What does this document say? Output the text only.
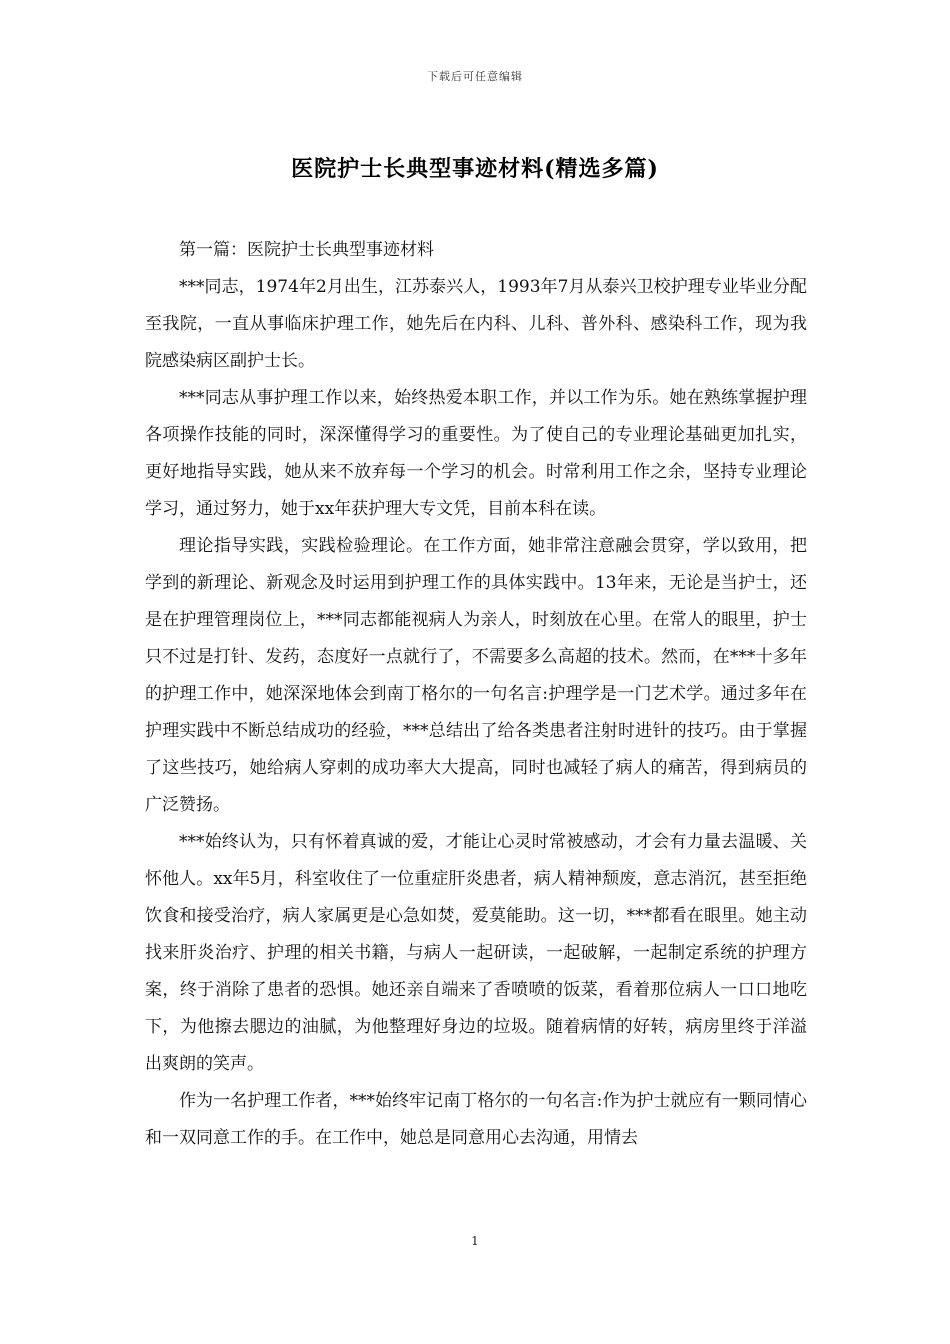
下载后可任意编辑
医院护士长典型事迹材料(精选多篇)

第一篇：医院护士长典型事迹材料

***同志，1974年2月出生，江苏泰兴人，1993年7月从泰兴卫校护理专业毕业分配至我院，一直从事临床护理工作，她先后在内科、儿科、普外科、感染科工作，现为我院感染病区副护士长。

***同志从事护理工作以来，始终热爱本职工作，并以工作为乐。她在熟练掌握护理各项操作技能的同时，深深懂得学习的重要性。为了使自己的专业理论基础更加扎实，更好地指导实践，她从来不放弃每一个学习的机会。时常利用工作之余，坚持专业理论学习，通过努力，她于xx年获护理大专文凭，目前本科在读。

理论指导实践，实践检验理论。在工作方面，她非常注意融会贯穿，学以致用，把学到的新理论、新观念及时运用到护理工作的具体实践中。13年来，无论是当护士，还是在护理管理岗位上，***同志都能视病人为亲人，时刻放在心里。在常人的眼里，护士只不过是打针、发药，态度好一点就行了，不需要多么高超的技术。然而，在***十多年的护理工作中，她深深地体会到南丁格尔的一句名言:护理学是一门艺术学。通过多年在护理实践中不断总结成功的经验，***总结出了给各类患者注射时进针的技巧。由于掌握了这些技巧，她给病人穿刺的成功率大大提高，同时也减轻了病人的痛苦，得到病员的广泛赞扬。

***始终认为，只有怀着真诚的爱，才能让心灵时常被感动，才会有力量去温暖、关怀他人。xx年5月，科室收住了一位重症肝炎患者，病人精神颓废，意志消沉，甚至拒绝饮食和接受治疗，病人家属更是心急如焚，爱莫能助。这一切，***都看在眼里。她主动找来肝炎治疗、护理的相关书籍，与病人一起研读，一起破解，一起制定系统的护理方案，终于消除了患者的恐惧。她还亲自端来了香喷喷的饭菜，看着那位病人一口口地吃下，为他擦去腮边的油腻，为他整理好身边的垃圾。随着病情的好转，病房里终于洋溢出爽朗的笑声。

作为一名护理工作者，***始终牢记南丁格尔的一句名言:作为护士就应有一颗同情心和一双同意工作的手。在工作中，她总是同意用心去沟通，用情去

1
